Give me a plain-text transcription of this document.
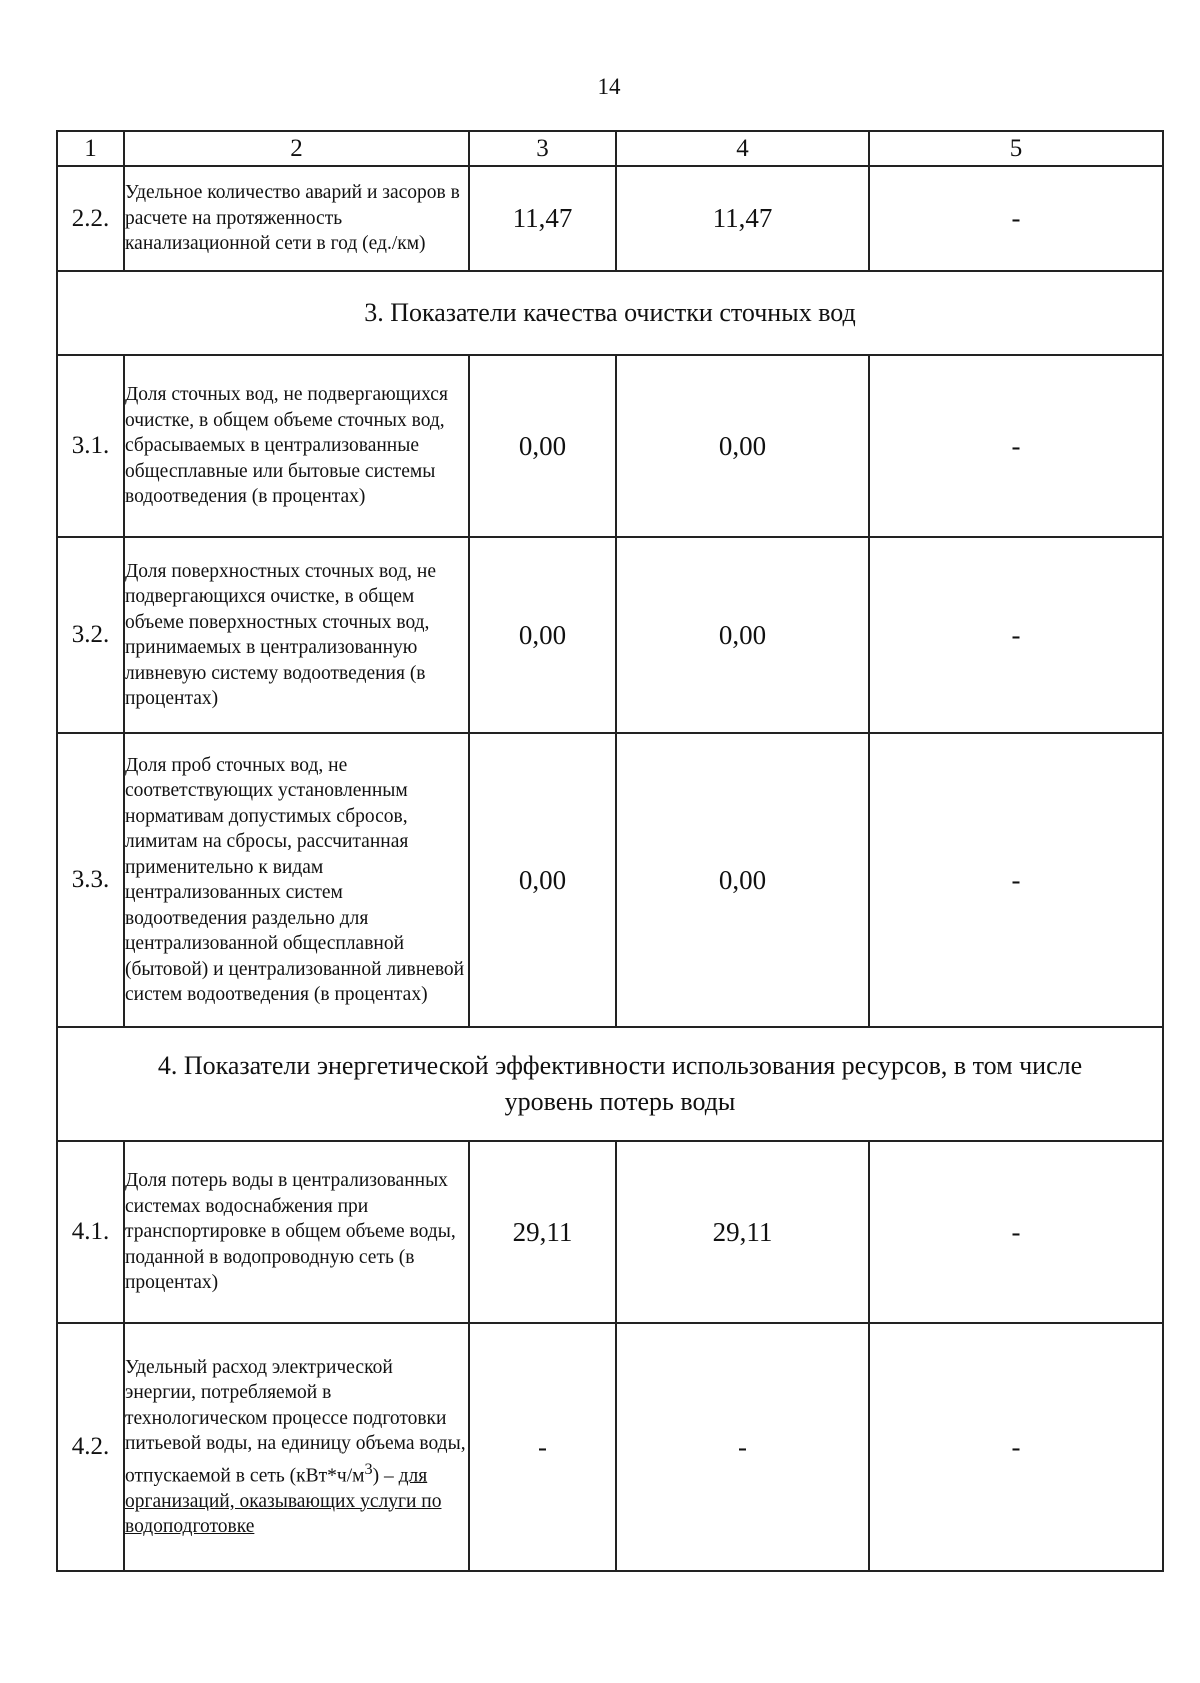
14
1	2	3	4	5
2.2.	Удельное количество аварий и засоров в расчете на протяженность канализационной сети в год (ед./км)	11,47	11,47	-
3. Показатели качества очистки сточных вод				
3.1.	Доля сточных вод, не подвергающихся очистке, в общем объеме сточных вод, сбрасываемых в централизованные общесплавные или бытовые системы водоотведения (в процентах)	0,00	0,00	-
3.2.	Доля поверхностных сточных вод, не подвергающихся очистке, в общем объеме поверхностных сточных вод, принимаемых в централизованную ливневую систему водоотведения (в процентах)	0,00	0,00	-
3.3.	Доля проб сточных вод, не соответствующих установленным нормативам допустимых сбросов, лимитам на сбросы, рассчитанная применительно к видам централизованных систем водоотведения раздельно для централизованной общесплавной (бытовой) и централизованной ливневой систем водоотведения (в процентах)	0,00	0,00	-
4. Показатели энергетической эффективности использования ресурсов, в том числе уровень потерь воды				
4.1.	Доля потерь воды в централизованных системах водоснабжения при транспортировке в общем объеме воды, поданной в водопроводную сеть (в процентах)	29,11	29,11	-
4.2.	Удельный расход электрической энергии, потребляемой в технологическом процессе подготовки питьевой воды, на единицу объема воды, отпускаемой в сеть $(кВт*ч/м^3)$ – для организаций, оказывающих услуги по водоподготовке	-	-	-
